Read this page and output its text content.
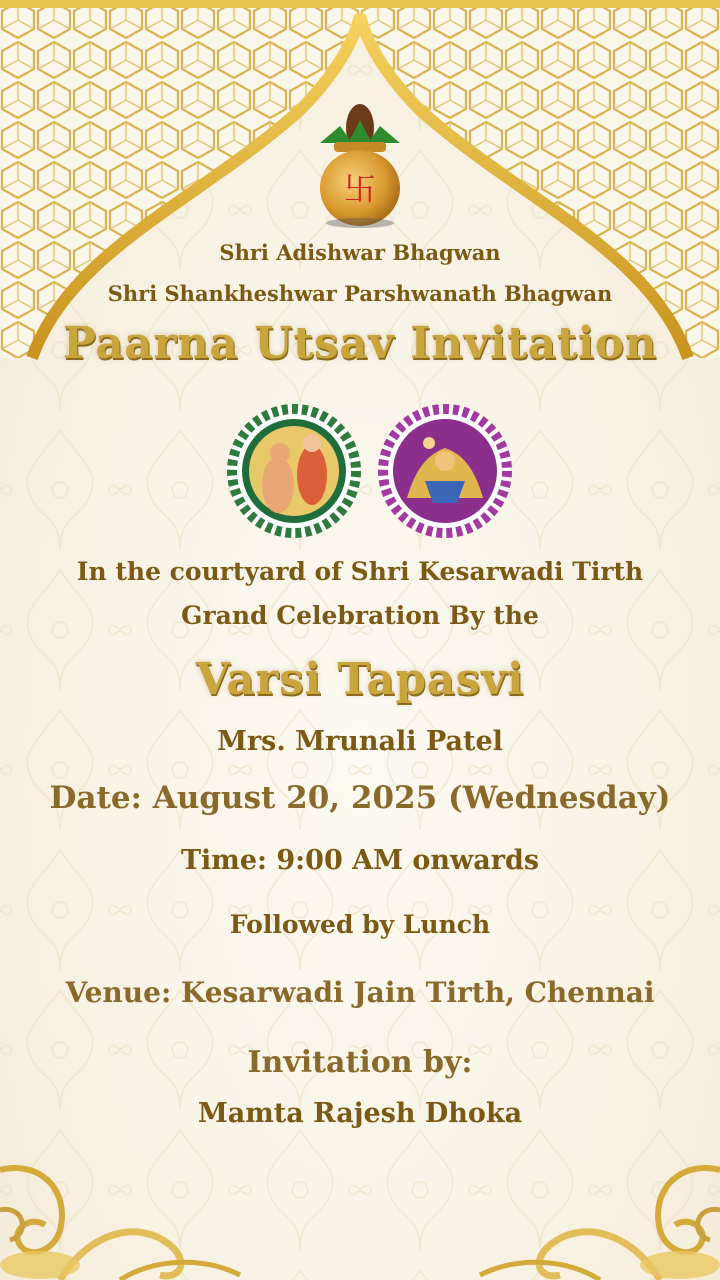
卐
Shri Adishwar Bhagwan
Shri Shankheshwar Parshwanath Bhagwan
Paarna Utsav Invitation
In the courtyard of Shri Kesarwadi Tirth
Grand Celebration By the
Varsi Tapasvi
Mrs. Mrunali Patel
Date: August 20, 2025 (Wednesday)
Time: 9:00 AM onwards
Followed by Lunch
Venue: Kesarwadi Jain Tirth, Chennai
Invitation by:
Mamta Rajesh Dhoka
